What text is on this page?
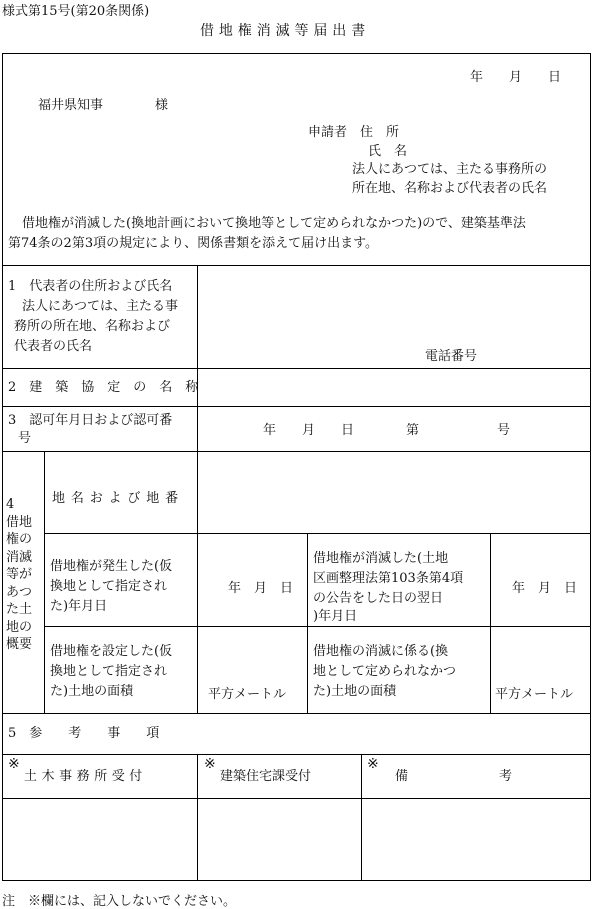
様式第15号(第20条関係)
借地権消滅等届出書
年　　月　　日
福井県知事　　　　様
申請者　住　所
氏　名
法人にあつては、主たる事務所の
所在地、名称および代表者の氏名
借地権が消滅した(換地計画において換地等として定められなかつた)ので、建築基準法
第74条の2第3項の規定により、関係書類を添えて届け出ます。
1　代表者の住所および氏名
法人にあつては、主たる事
務所の所在地、名称および
代表者の氏名
電話番号
2　建　築　協　定　の　名　称
3　認可年月日および認可番
号
年　　月　　日　　　　第　　　　　　号
4
借地
権の
消滅
等が
あつ
た土
地の
概要
地名および地番
借地権が発生した(仮
換地として指定され
た)年月日
年　月　日
借地権が消滅した(土地
区画整理法第103条第4項
の公告をした日の翌日
)年月日
年　月　日
借地権を設定した(仮
換地として指定され
た)土地の面積	平方メートル
借地権の消滅に係る(換
地として定められなかつ
た)土地の面積	平方メートル
5　参　　考　　事　　項
※
土木事務所受付
※
建築住宅課受付
※
備　　　　　　　考
注　※欄には、記入しないでください。
